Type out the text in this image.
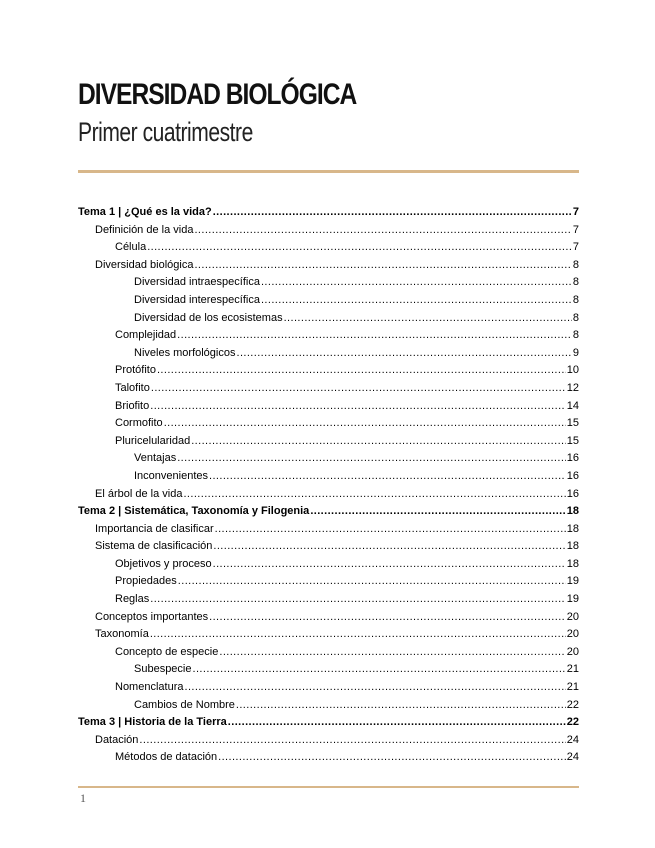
DIVERSIDAD BIOLÓGICA
Primer cuatrimestre
Tema 1 | ¿Qué es la vida? .....	7
Definición de la vida .....	7
Célula .....	7
Diversidad biológica .....	8
Diversidad intraespecífica .....	8
Diversidad interespecífica .....	8
Diversidad de los ecosistemas .....	8
Complejidad .....	8
Niveles morfológicos .....	9
Protófito .....	10
Talofito .....	12
Briofito .....	14
Cormofito .....	15
Pluricelularidad .....	15
Ventajas .....	16
Inconvenientes .....	16
El árbol de la vida .....	16
Tema 2 | Sistemática, Taxonomía y Filogenia .....	18
Importancia de clasificar .....	18
Sistema de clasificación .....	18
Objetivos y proceso .....	18
Propiedades .....	19
Reglas .....	19
Conceptos importantes .....	20
Taxonomía .....	20
Concepto de especie .....	20
Subespecie .....	21
Nomenclatura .....	21
Cambios de Nombre .....	22
Tema 3 | Historia de la Tierra .....	22
Datación .....	24
Métodos de datación .....	24
1
